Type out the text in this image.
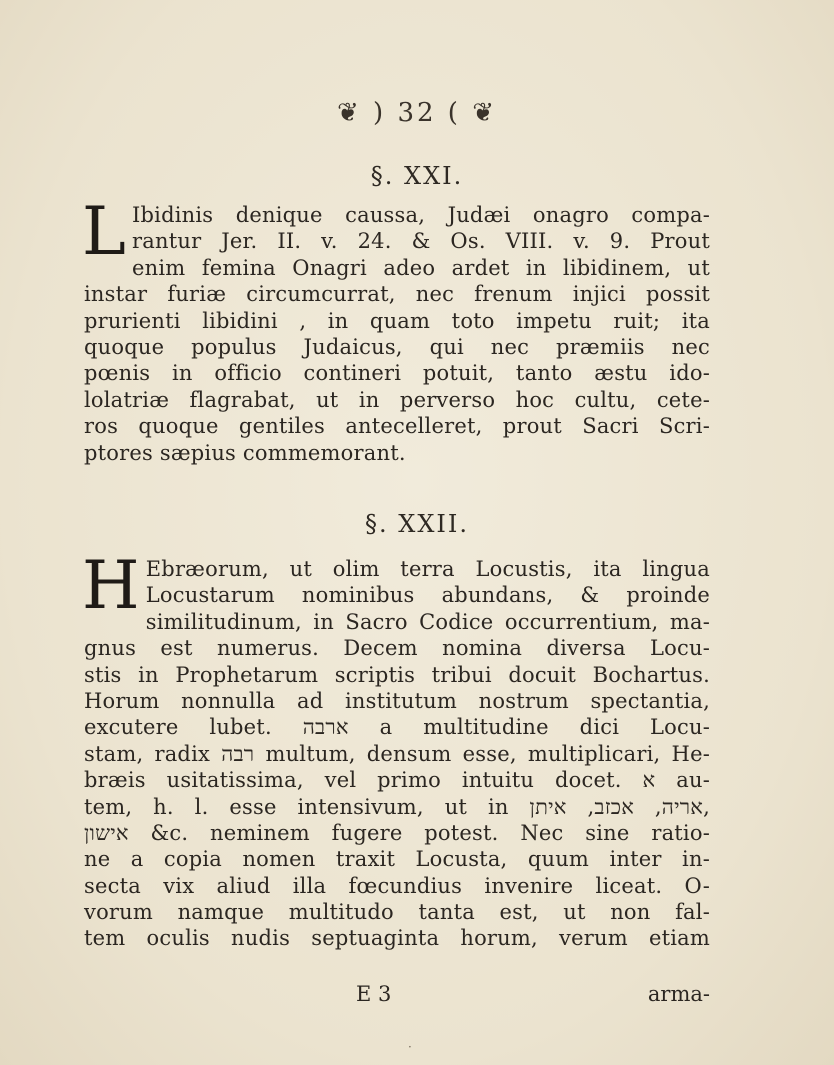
❦ ) 32 ( ❦
§. XXI.
L Ibidinis denique caussa, Judæi onagro compa-
rantur Jer. II. v. 24. & Os. VIII. v. 9. Prout
enim femina Onagri adeo ardet in libidinem, ut
instar furiæ circumcurrat, nec frenum injici possit
prurienti libidini , in quam toto impetu ruit; ita
quoque populus Judaicus, qui nec præmiis nec
pœnis in officio contineri potuit, tanto æstu ido-
lolatriæ flagrabat, ut in perverso hoc cultu, cete-
ros quoque gentiles antecelleret, prout Sacri Scri-
ptores sæpius commemorant.
§. XXII.
H Ebræorum, ut olim terra Locustis, ita lingua
Locustarum nominibus abundans, & proinde
similitudinum, in Sacro Codice occurrentium, ma-
gnus est numerus. Decem nomina diversa Locu-
stis in Prophetarum scriptis tribui docuit Bochartus.
Horum nonnulla ad institutum nostrum spectantia,
excutere lubet. ארבה a multitudine dici Locu-
stam, radix רבה multum, densum esse, multiplicari, He-
bræis usitatissima, vel primo intuitu docet. א au-
tem, h. l. esse intensivum, ut in אריה, אכזב, איתן,
אישון &c. neminem fugere potest. Nec sine ratio-
ne a copia nomen traxit Locusta, quum inter in-
secta vix aliud illa fœcundius invenire liceat. O-
vorum namque multitudo tanta est, ut non fal-
tem oculis nudis septuaginta horum, verum etiam
E 3	arma-
·
